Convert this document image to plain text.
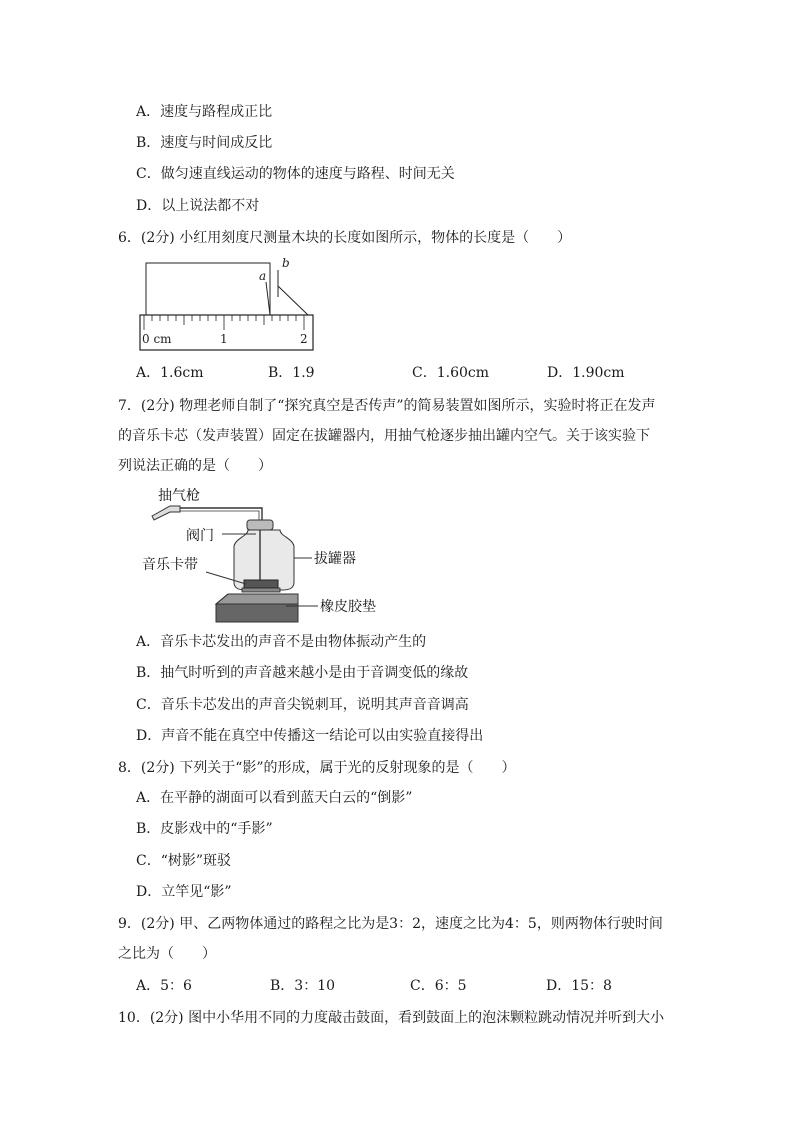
A．速度与路程成正比
B．速度与时间成反比
C．做匀速直线运动的物体的速度与路程、时间无关
D．以上说法都不对
6．(2分) 小红用刻度尺测量木块的长度如图所示，物体的长度是（　　）
a
b
0 cm	1	2
A．1.6cm	B．1.9	C．1.60cm	D．1.90cm
7．(2分) 物理老师自制了“探究真空是否传声”的简易装置如图所示，实验时将正在发声
的音乐卡芯（发声装置）固定在拔罐器内，用抽气枪逐步抽出罐内空气。关于该实验下
列说法正确的是（　　）
抽气枪
阀门
音乐卡带	拔罐器
橡皮胶垫
A．音乐卡芯发出的声音不是由物体振动产生的
B．抽气时听到的声音越来越小是由于音调变低的缘故
C．音乐卡芯发出的声音尖锐刺耳，说明其声音音调高
D．声音不能在真空中传播这一结论可以由实验直接得出
8．(2分) 下列关于“影”的形成，属于光的反射现象的是（　　）
A．在平静的湖面可以看到蓝天白云的“倒影”
B．皮影戏中的“手影”
C．“树影”斑驳
D．立竿见“影”
9．(2分) 甲、乙两物体通过的路程之比为是3：2，速度之比为4：5，则两物体行驶时间
之比为（　　）
A．5：6	B．3：10	C．6：5	D．15：8
10．(2分) 图中小华用不同的力度敲击鼓面，看到鼓面上的泡沫颗粒跳动情况并听到大小
